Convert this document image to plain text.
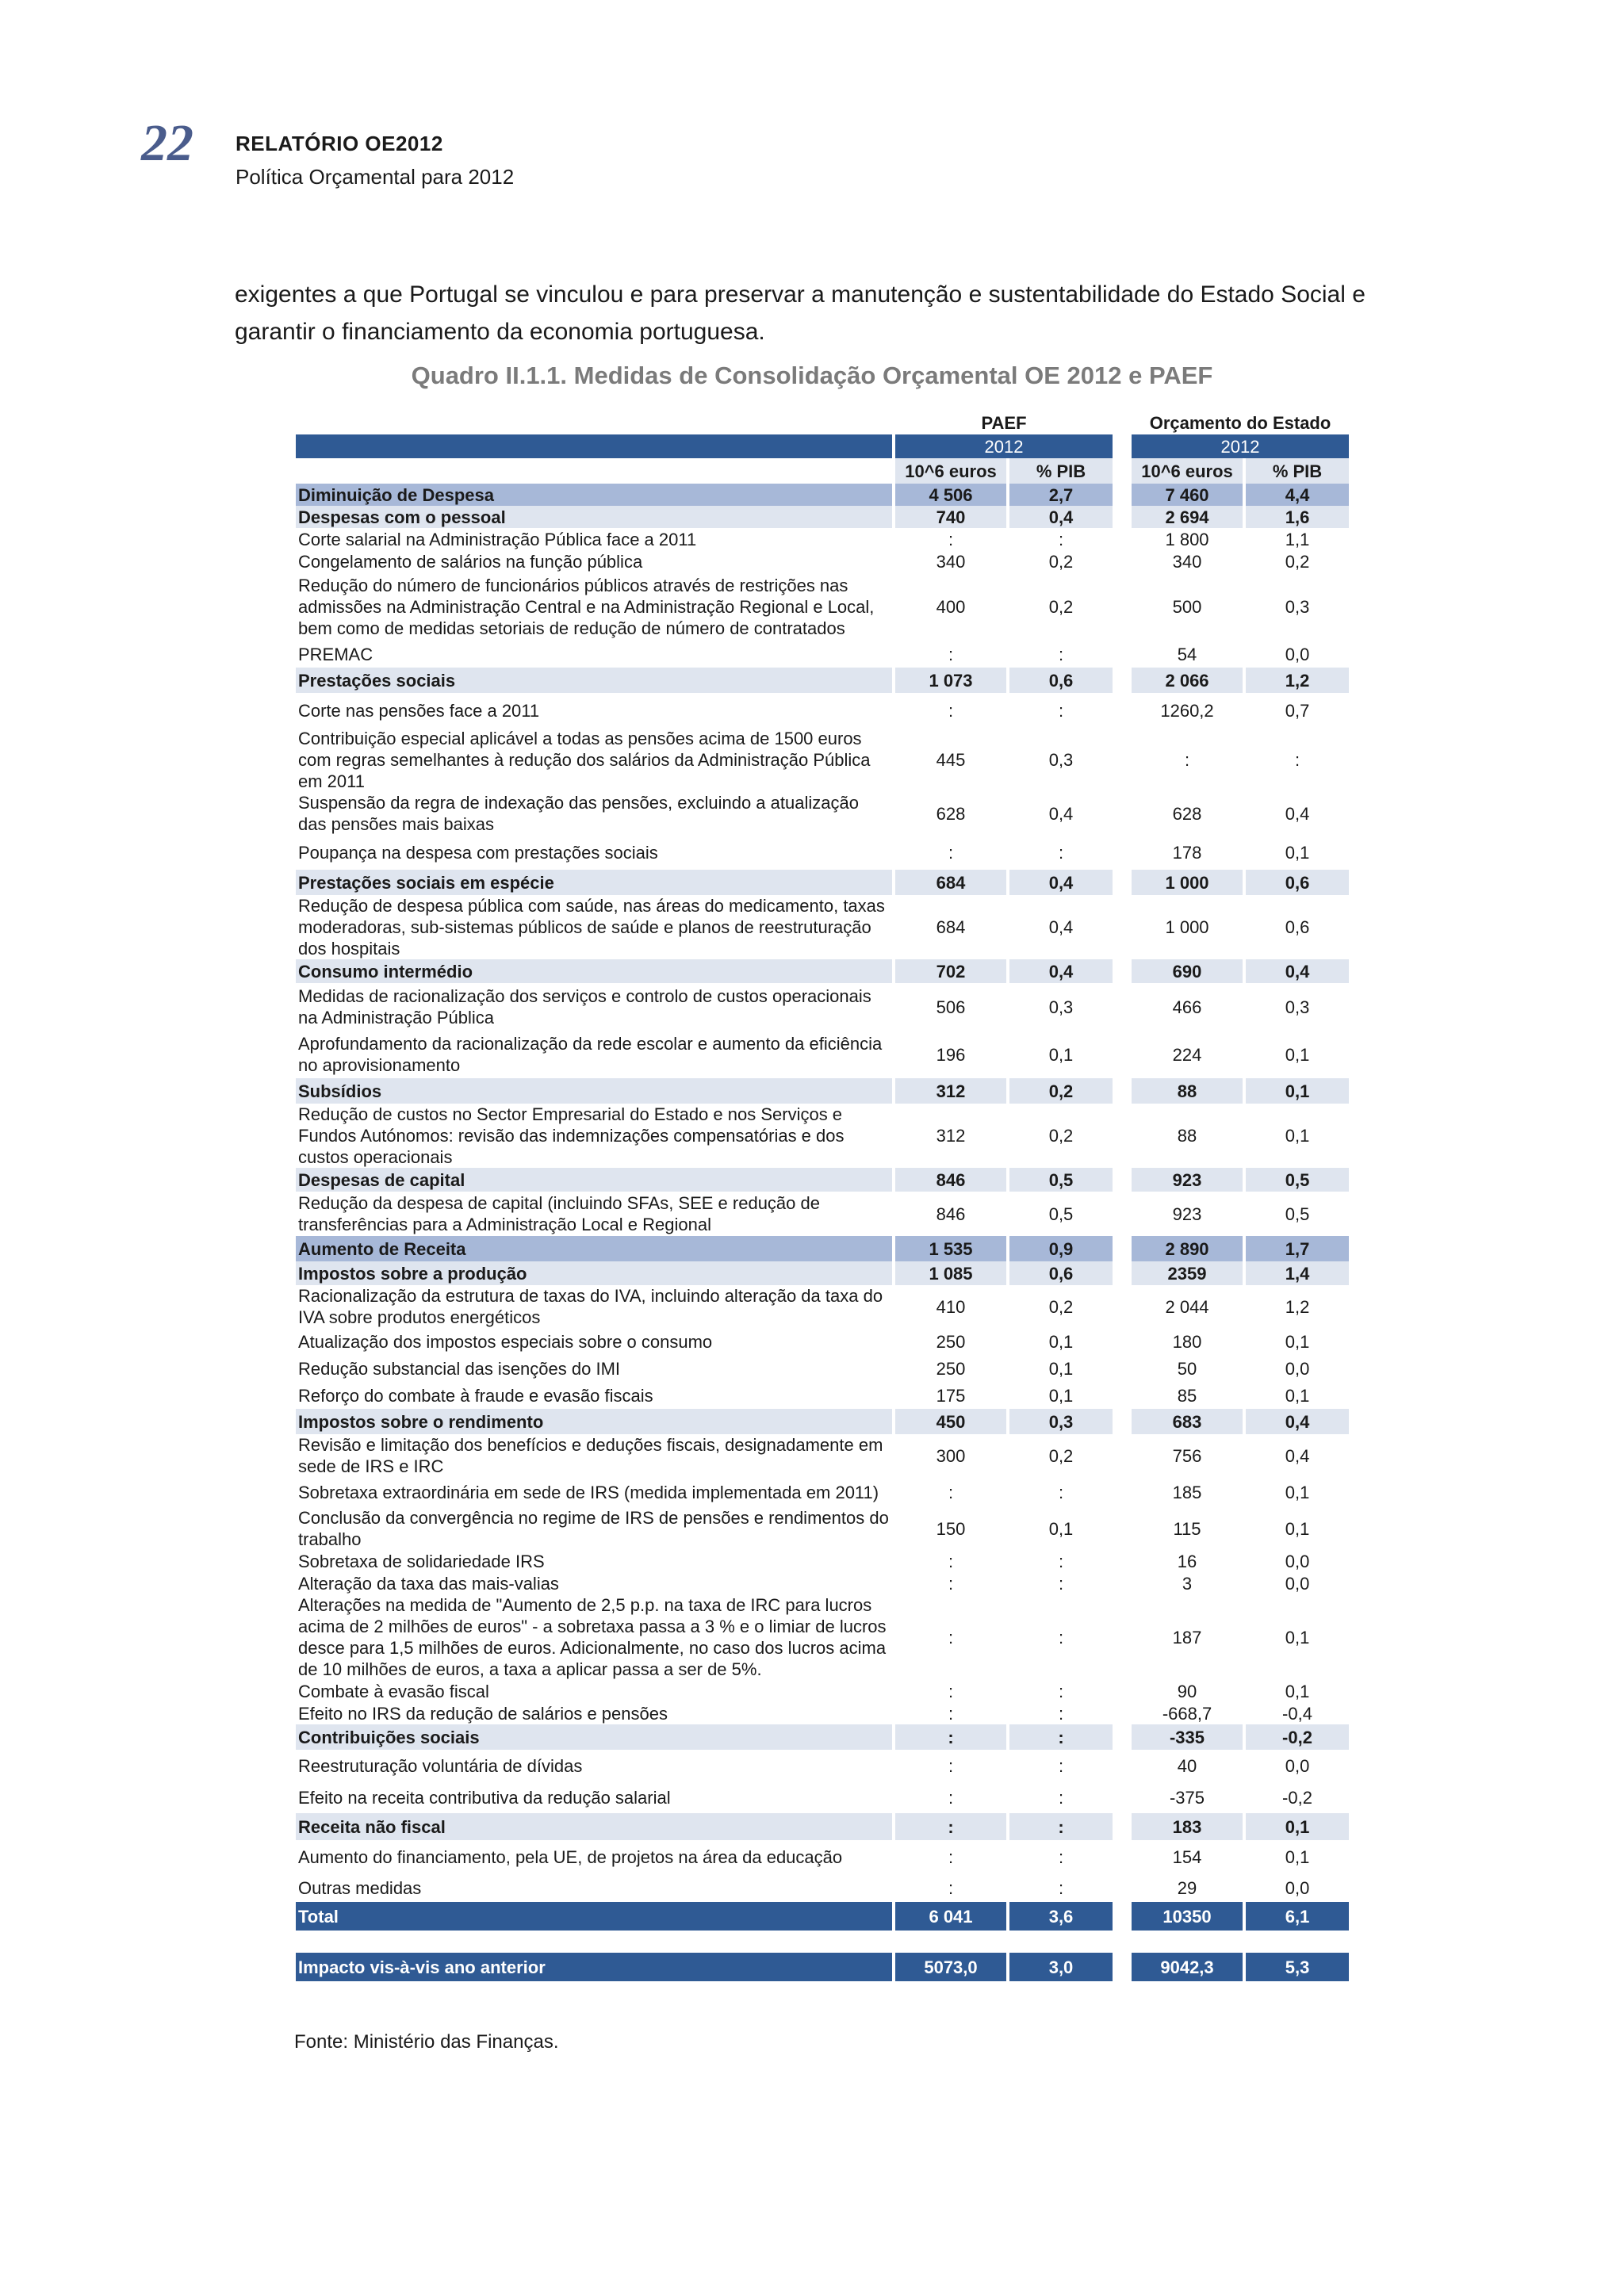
22 RELATÓRIO OE2012
Política Orçamental para 2012

exigentes a que Portugal se vinculou e para preservar a manutenção e sustentabilidade do Estado Social e garantir o financiamento da economia portuguesa.

Quadro II.1.1. Medidas de Consolidação Orçamental OE 2012 e PAEF
	PAEF			Orçamento do Estado	
	2012			2012	
	10^6 euros	% PIB		10^6 euros	% PIB
Diminuição de Despesa	4 506	2,7		7 460	4,4
Despesas com o pessoal	740	0,4		2 694	1,6
Corte salarial na Administração Pública face a 2011	:	:		1 800	1,1
Congelamento de salários na função pública	340	0,2		340	0,2
Redução do número de funcionários públicos através de restrições nas admissões na Administração Central e na Administração Regional e Local, bem como de medidas setoriais de redução de número de contratados	400	0,2		500	0,3
PREMAC	:	:		54	0,0
Prestações sociais	1 073	0,6		2 066	1,2
Corte nas pensões face a 2011	:	:		1260,2	0,7
Contribuição especial aplicável a todas as pensões acima de 1500 euros com regras semelhantes à redução dos salários da Administração Pública em 2011	445	0,3		:	:
Suspensão da regra de indexação das pensões, excluindo a atualização das pensões mais baixas	628	0,4		628	0,4
Poupança na despesa com prestações sociais	:	:		178	0,1
Prestações sociais em espécie	684	0,4		1 000	0,6
Redução de despesa pública com saúde, nas áreas do medicamento, taxas moderadoras, sub-sistemas públicos de saúde e planos de reestruturação dos hospitais	684	0,4		1 000	0,6
Consumo intermédio	702	0,4		690	0,4
Medidas de racionalização dos serviços e controlo de custos operacionais na Administração Pública	506	0,3		466	0,3
Aprofundamento da racionalização da rede escolar e aumento da eficiência no aprovisionamento	196	0,1		224	0,1
Subsídios	312	0,2		88	0,1
Redução de custos no Sector Empresarial do Estado e nos Serviços e Fundos Autónomos: revisão das indemnizações compensatórias e dos custos operacionais	312	0,2		88	0,1
Despesas de capital	846	0,5		923	0,5
Redução da despesa de capital (incluindo SFAs, SEE e redução de transferências para a Administração Local e Regional	846	0,5		923	0,5
Aumento de Receita	1 535	0,9		2 890	1,7
Impostos sobre a produção	1 085	0,6		2359	1,4
Racionalização da estrutura de taxas do IVA, incluindo alteração da taxa do IVA sobre produtos energéticos	410	0,2		2 044	1,2
Atualização dos impostos especiais sobre o consumo	250	0,1		180	0,1
Redução substancial das isenções do IMI	250	0,1		50	0,0
Reforço do combate à fraude e evasão fiscais	175	0,1		85	0,1
Impostos sobre o rendimento	450	0,3		683	0,4
Revisão e limitação dos benefícios e deduções fiscais, designadamente em sede de IRS e IRC	300	0,2		756	0,4
Sobretaxa extraordinária em sede de IRS (medida implementada em 2011)	:	:		185	0,1
Conclusão da convergência no regime de IRS de pensões e rendimentos do trabalho	150	0,1		115	0,1
Sobretaxa de solidariedade IRS	:	:		16	0,0
Alteração da taxa das mais-valias	:	:		3	0,0
Alterações na medida de "Aumento de 2,5 p.p. na taxa de IRC para lucros acima de 2 milhões de euros" - a sobretaxa passa a 3 % e o limiar de lucros desce para 1,5 milhões de euros. Adicionalmente, no caso dos lucros acima de 10 milhões de euros, a taxa a aplicar passa a ser de 5%.	:	:		187	0,1
Combate à evasão fiscal	:	:		90	0,1
Efeito no IRS da redução de salários e pensões	:	:		-668,7	-0,4
Contribuições sociais	:	:		-335	-0,2
Reestruturação voluntária de dívidas	:	:		40	0,0
Efeito na receita contributiva da redução salarial	:	:		-375	-0,2
Receita não fiscal	:	:		183	0,1
Aumento do financiamento, pela UE, de projetos na área da educação	:	:		154	0,1
Outras medidas	:	:		29	0,0
Total	6 041	3,6		10350	6,1

Impacto vis-à-vis ano anterior	5073,0	3,0		9042,3	5,3
Fonte: Ministério das Finanças.
